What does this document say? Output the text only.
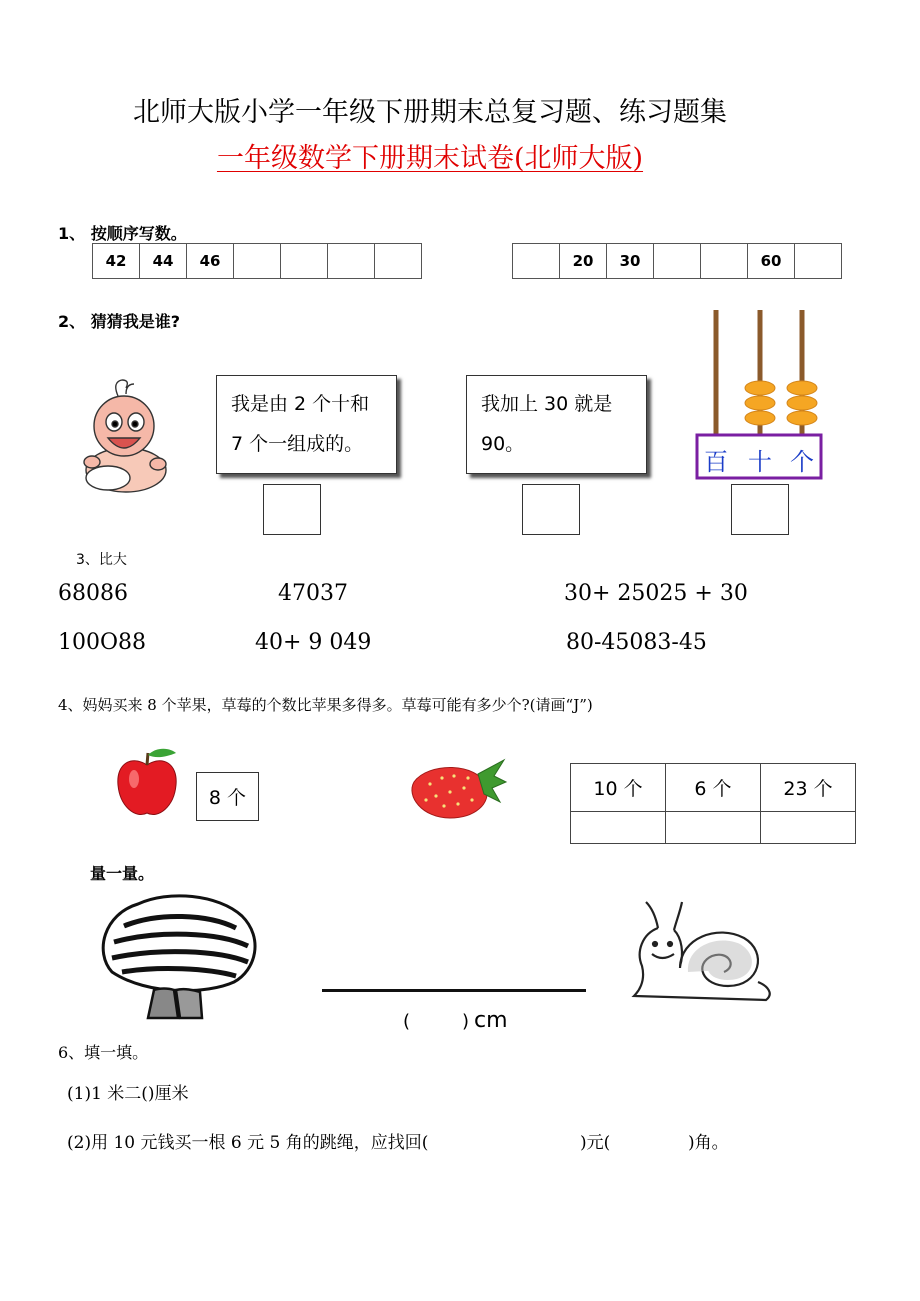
北师大版小学一年级下册期末总复习题、练习题集
一年级数学下册期末试卷(北师大版)
1、 按顺序写数。
42	44	46				
		20	30			60	
2、 猜猜我是谁?
我是由 2 个十和
7 个一组成的。
我加上 30 就是
90。
百 十 个
3、比大
68086	47037	30+ 25025 + 30
100O88	40+ 9 049	80-45083-45
4、妈妈买来 8 个苹果，草莓的个数比苹果多得多。草莓可能有多少个?(请画“J”)
8 个	10 个	6 个	23 个

量一量。
(	) cm
6、填一填。
(1)1 米二()厘米
(2)用 10 元钱买一根 6 元 5 角的跳绳，应找回(	)元(	)角。
